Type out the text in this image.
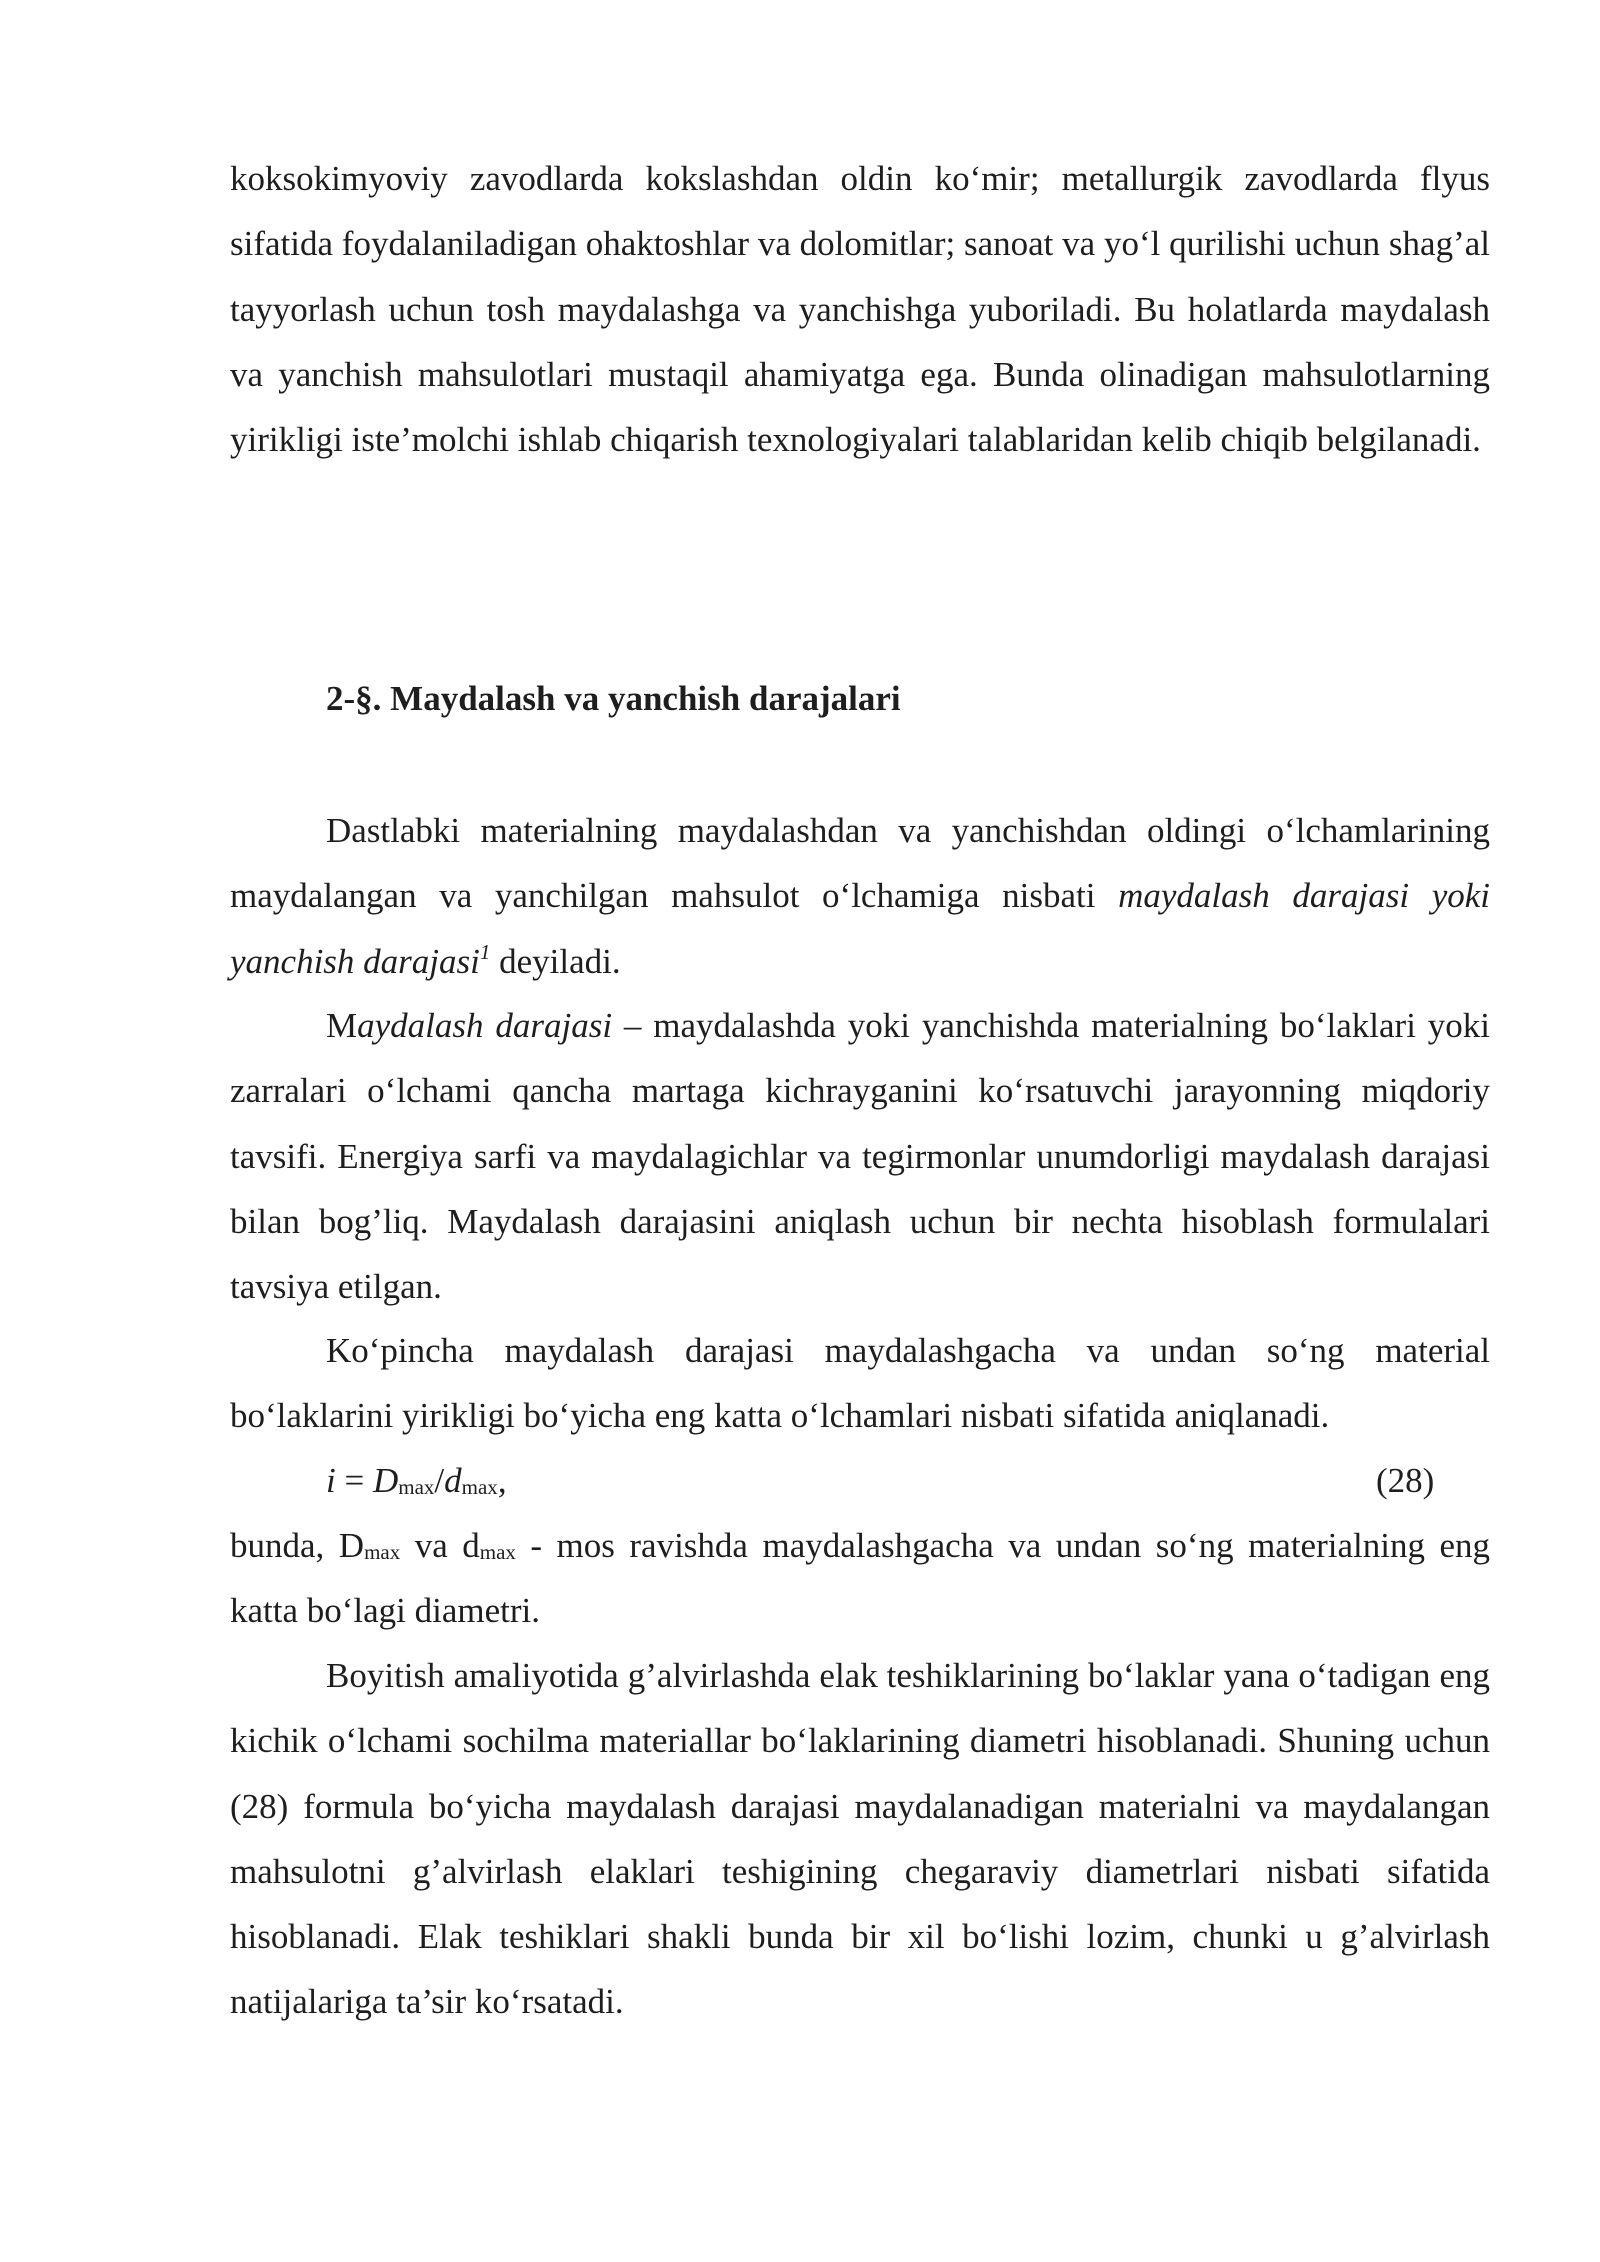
koksokimyoviy zavodlarda kokslashdan oldin ko‘mir; metallurgik zavodlarda flyus sifatida foydalaniladigan ohaktoshlar va dolomitlar; sanoat va yo‘l qurilishi uchun shag’al tayyorlash uchun tosh maydalashga va yanchishga yuboriladi. Bu holatlarda maydalash va yanchish mahsulotlari mustaqil ahamiyatga ega. Bunda olinadigan mahsulotlarning yirikligi iste’molchi ishlab chiqarish texnologiyalari talablaridan kelib chiqib belgilanadi.

2-§. Maydalash va yanchish darajalari

Dastlabki materialning maydalashdan va yanchishdan oldingi o‘lchamlarining maydalangan va yanchilgan mahsulot o‘lchamiga nisbati maydalash darajasi yoki yanchish darajasi$^1$ deyiladi.

Maydalash darajasi – maydalashda yoki yanchishda materialning bo‘laklari yoki zarralari o‘lchami qancha martaga kichrayganini ko‘rsatuvchi jarayonning miqdoriy tavsifi. Energiya sarfi va maydalagichlar va tegirmonlar unumdorligi maydalash darajasi bilan bog’liq. Maydalash darajasini aniqlash uchun bir nechta hisoblash formulalari tavsiya etilgan.

Ko‘pincha maydalash darajasi maydalashgacha va undan so‘ng material bo‘laklarini yirikligi bo‘yicha eng katta o‘lchamlari nisbati sifatida aniqlanadi.

$i = D_{max}/d_{max}$,	(28)

bunda, $D_{max}$ va $d_{max}$ - mos ravishda maydalashgacha va undan so‘ng materialning eng katta bo‘lagi diametri.

Boyitish amaliyotida g’alvirlashda elak teshiklarining bo‘laklar yana o‘tadigan eng kichik o‘lchami sochilma materiallar bo‘laklarining diametri hisoblanadi. Shuning uchun (28) formula bo‘yicha maydalash darajasi maydalanadigan materialni va maydalangan mahsulotni g’alvirlash elaklari teshigining chegaraviy diametrlari nisbati sifatida hisoblanadi. Elak teshiklari shakli bunda bir xil bo‘lishi lozim, chunki u g’alvirlash natijalariga ta’sir ko‘rsatadi.
